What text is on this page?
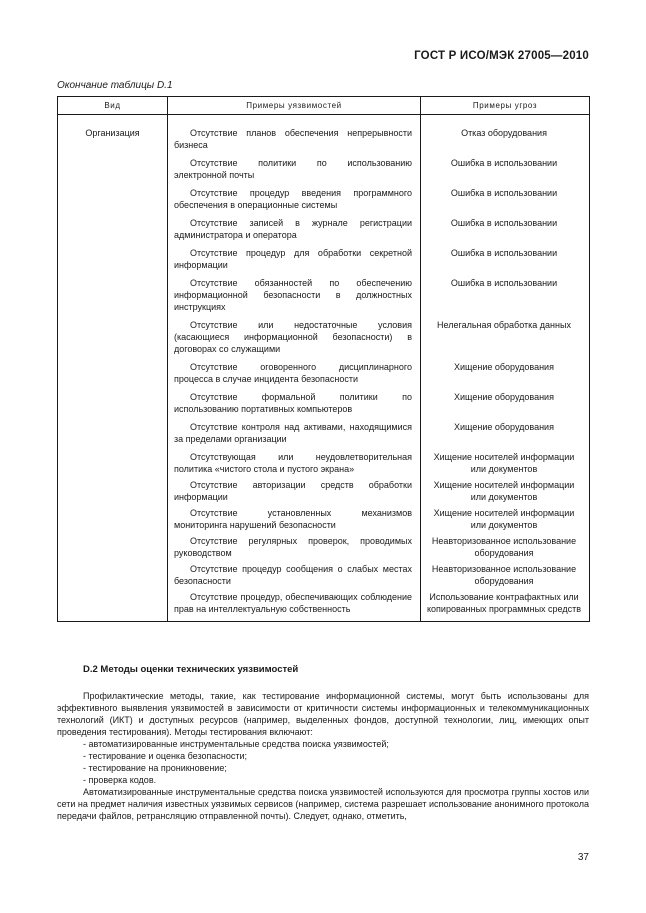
ГОСТ Р ИСО/МЭК 27005—2010
Окончание таблицы D.1
Вид	Примеры уязвимостей	Примеры угроз
Организация	Отсутствие планов обеспечения непрерывности бизнеса	Отказ оборудования

	Отсутствие политики по использованию электронной почты	Ошибка в использовании

	Отсутствие процедур введения программного обеспечения в операционные системы	Ошибка в использовании

	Отсутствие записей в журнале регистрации администратора и оператора	Ошибка в использовании

	Отсутствие процедур для обработки секретной информации	Ошибка в использовании

	Отсутствие обязанностей по обеспечению информационной безопасности в должностных инструкциях	Ошибка в использовании

	Отсутствие или недостаточные условия (касающиеся информационной безопасности) в договорах со служащими	Нелегальная обработка данных

	Отсутствие оговоренного дисциплинарного процесса в случае инцидента безопасности	Хищение оборудования

	Отсутствие формальной политики по использованию портативных компьютеров	Хищение оборудования

	Отсутствие контроля над активами, находящимися за пределами организации	Хищение оборудования

	Отсутствующая или неудовлетворительная политика «чистого стола и пустого экрана»	Хищение носителей информации или документов

	Отсутствие авторизации средств обработки информации	Хищение носителей информации или документов

	Отсутствие установленных механизмов мониторинга нарушений безопасности	Хищение носителей информации или документов

	Отсутствие регулярных проверок, проводимых руководством	Неавторизованное использование оборудования

	Отсутствие процедур сообщения о слабых местах безопасности	Неавторизованное использование оборудования

	Отсутствие процедур, обеспечивающих соблюдение прав на интеллектуальную собственность	Использование контрафактных или копированных программных средств

D.2 Методы оценки технических уязвимостей

Профилактические методы, такие, как тестирование информационной системы, могут быть использованы для эффективного выявления уязвимостей в зависимости от критичности системы информационных и телекоммуникационных технологий (ИКТ) и доступных ресурсов (например, выделенных фондов, доступной технологии, лиц, имеющих опыт проведения тестирования). Методы тестирования включают:

- автоматизированные инструментальные средства поиска уязвимостей;

- тестирование и оценка безопасности;

- тестирование на проникновение;

- проверка кодов.

Автоматизированные инструментальные средства поиска уязвимостей используются для просмотра группы хостов или сети на предмет наличия известных уязвимых сервисов (например, система разрешает использование анонимного протокола передачи файлов, ретрансляцию отправленной почты). Следует, однако, отметить,

37
